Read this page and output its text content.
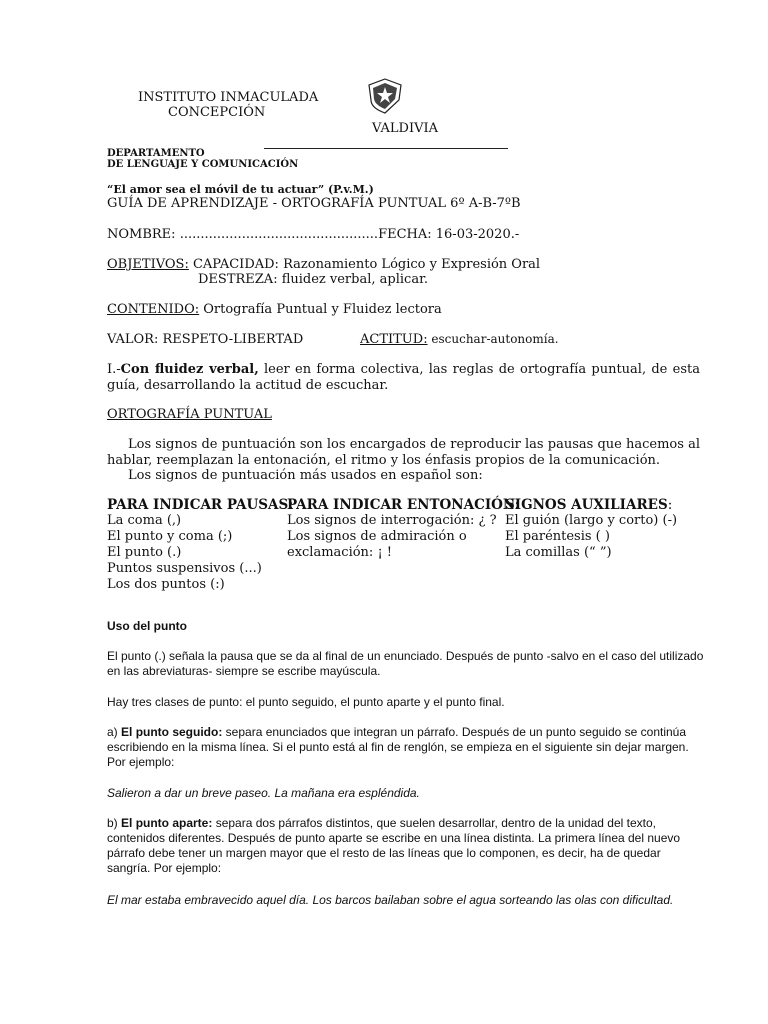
INSTITUTO INMACULADA
CONCEPCIÓN
VALDIVIA
DEPARTAMENTO
DE LENGUAJE Y COMUNICACIÓN
“El amor sea el móvil de tu actuar” (P.v.M.)
GUÍA DE APRENDIZAJE - ORTOGRAFÍA PUNTUAL 6º A-B-7ºB
NOMBRE: ................................................FECHA: 16-03-2020.-
OBJETIVOS: CAPACIDAD: Razonamiento Lógico y Expresión Oral
DESTREZA: fluidez verbal, aplicar.
CONTENIDO: Ortografía Puntual y Fluidez lectora
VALOR: RESPETO-LIBERTAD	ACTITUD: escuchar-autonomía.
I.-Con fluidez verbal, leer en forma colectiva, las reglas de ortografía puntual, de esta guía, desarrollando la actitud de escuchar.
ORTOGRAFÍA PUNTUAL
Los signos de puntuación son los encargados de reproducir las pausas que hacemos al hablar, reemplazan la entonación, el ritmo y los énfasis propios de la comunicación.
Los signos de puntuación más usados en español son:
PARA INDICAR PAUSAS:
PARA INDICAR ENTONACIÓN:
SIGNOS AUXILIARES:
La coma (,)
El punto y coma (;)
El punto (.)
Puntos suspensivos (...)
Los dos puntos (:)
Los signos de interrogación: ¿ ?
Los signos de admiración o
exclamación: ¡ !
El guión (largo y corto) (-)
El paréntesis ( )
La comillas (“ ”)
Uso del punto
El punto (.) señala la pausa que se da al final de un enunciado. Después de punto -salvo en el caso del utilizado en las abreviaturas- siempre se escribe mayúscula.
Hay tres clases de punto: el punto seguido, el punto aparte y el punto final.
a) El punto seguido: separa enunciados que integran un párrafo. Después de un punto seguido se continúa escribiendo en la misma línea. Si el punto está al fin de renglón, se empieza en el siguiente sin dejar margen. Por ejemplo:
Salieron a dar un breve paseo. La mañana era espléndida.
b) El punto aparte: separa dos párrafos distintos, que suelen desarrollar, dentro de la unidad del texto, contenidos diferentes. Después de punto aparte se escribe en una línea distinta. La primera línea del nuevo párrafo debe tener un margen mayor que el resto de las líneas que lo componen, es decir, ha de quedar sangría. Por ejemplo:
El mar estaba embravecido aquel día. Los barcos bailaban sobre el agua sorteando las olas con dificultad.
